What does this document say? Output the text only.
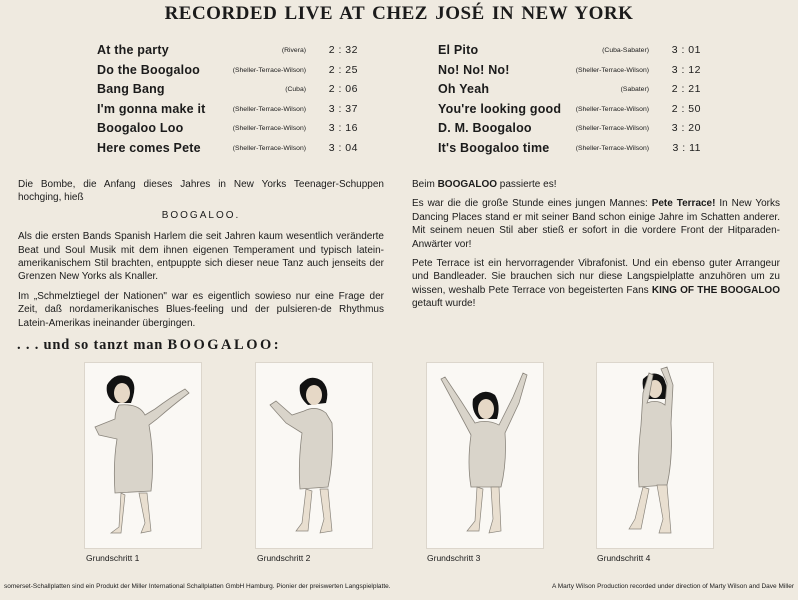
RECORDED LIVE AT CHEZ JOSÉ IN NEW YORK
At the party	(Rivera) 2 : 32
Do the Boogaloo	(Sheller-Terrace-Wilson) 2 : 25
Bang Bang	(Cuba) 2 : 06
I'm gonna make it	(Sheller-Terrace-Wilson) 3 : 37
Boogaloo Loo	(Sheller-Terrace-Wilson) 3 : 16
Here comes Pete	(Sheller-Terrace-Wilson) 3 : 04
El Pito	(Cuba-Sabater) 3 : 01
No! No! No!	(Sheller-Terrace-Wilson) 3 : 12
Oh Yeah	(Sabater) 2 : 21
You're looking good (Sheller-Terrace-Wilson) 2 : 50
D. M. Boogaloo	(Sheller-Terrace-Wilson) 3 : 20
It's Boogaloo time	(Sheller-Terrace-Wilson) 3 : 11
Die Bombe, die Anfang dieses Jahres in New Yorks Teenager-Schuppen hochging, hieß
BOOGALOO.
Als die ersten Bands Spanish Harlem die seit Jahren kaum wesentlich veränderte Beat und Soul Musik mit dem ihnen eigenen Temperament und typisch latein-amerikanischem Stil brachten, entpuppte sich dieser neue Tanz auch jenseits der Grenzen New Yorks als Knaller.
Im „Schmelztiegel der Nationen" war es eigentlich sowieso nur eine Frage der Zeit, daß nordamerikanisches Blues-feeling und der pulsieren-de Rhythmus Latein-Amerikas ineinander übergingen.
Beim BOOGALOO passierte es!
Es war die die große Stunde eines jungen Mannes: Pete Terrace! In New Yorks Dancing Places stand er mit seiner Band schon einige Jahre im Schatten anderer. Mit seinem neuen Stil aber stieß er sofort in die vordere Front der Hitparaden-Anwärter vor!
Pete Terrace ist ein hervorragender Vibrafonist. Und ein ebenso guter Arrangeur und Bandleader. Sie brauchen sich nur diese Langspielplatte anzuhören um zu wissen, weshalb Pete Terrace von begeisterten Fans KING OF THE BOOGALOO getauft wurde!
. . . und so tanzt man BOOGALOO:
Grundschritt 1	Grundschritt 2	Grundschritt 3	Grundschritt 4
somerset-Schallplatten sind ein Produkt der Miller International Schallplatten GmbH Hamburg. Pionier der preiswerten Langspielplatte.	A Marty Wilson Production recorded under direction of Marty Wilson and Dave Miller
